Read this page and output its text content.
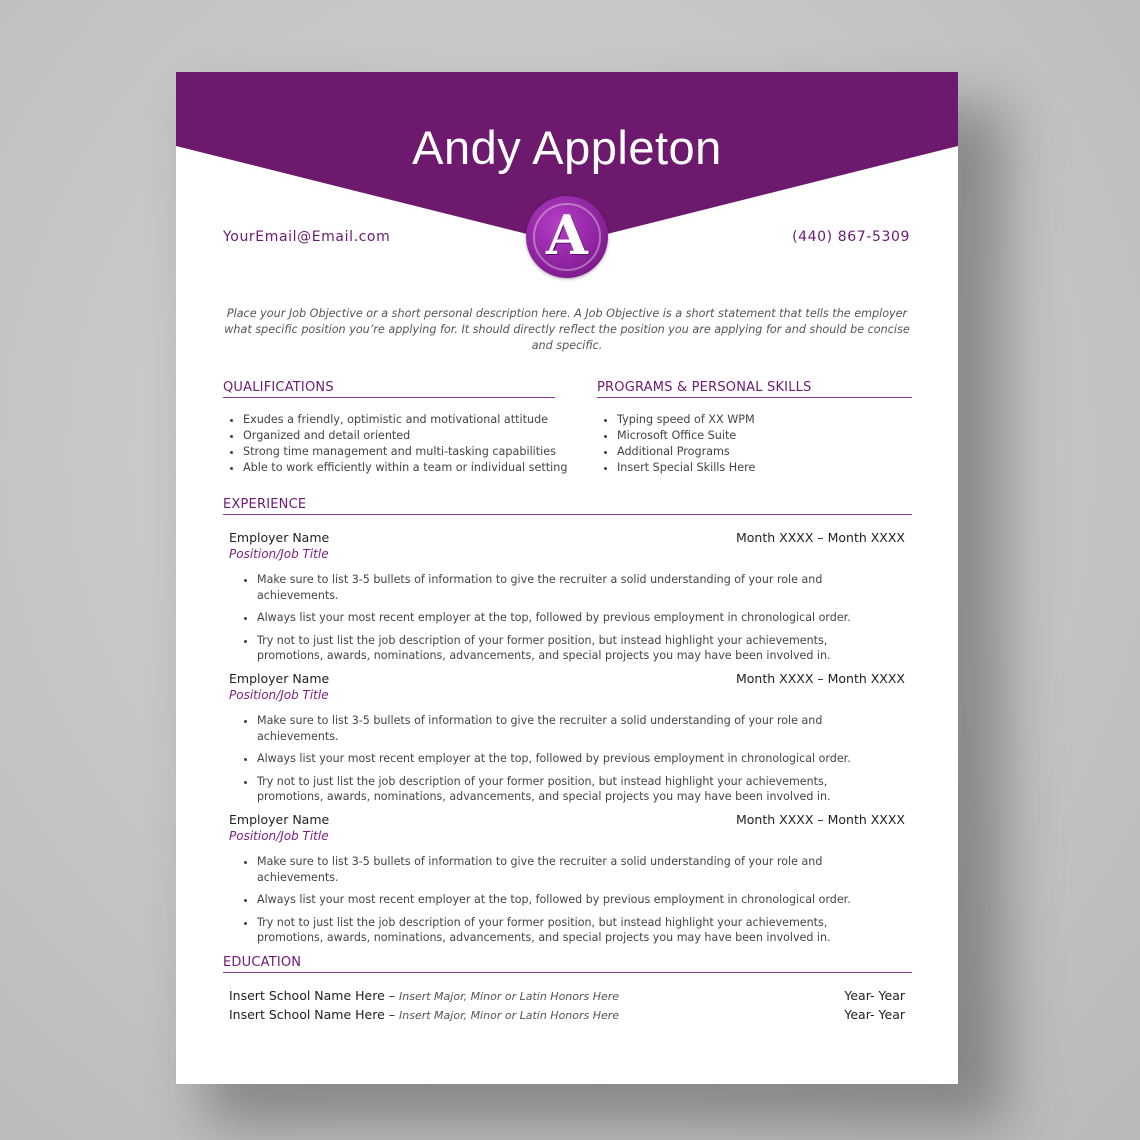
Andy Appleton
A
YourEmail@Email.com	(440) 867-5309
Place your Job Objective or a short personal description here. A Job Objective is a short statement that tells the employer what specific position you’re applying for. It should directly reflect the position you are applying for and should be concise and specific.
QUALIFICATIONS
• Exudes a friendly, optimistic and motivational attitude
• Organized and detail oriented
• Strong time management and multi-tasking capabilities
• Able to work efficiently within a team or individual setting
PROGRAMS & PERSONAL SKILLS
• Typing speed of XX WPM
• Microsoft Office Suite
• Additional Programs
• Insert Special Skills Here
EXPERIENCE
Employer Name	Month XXXX – Month XXXX
Position/Job Title
• Make sure to list 3-5 bullets of information to give the recruiter a solid understanding of your role and achievements.
• Always list your most recent employer at the top, followed by previous employment in chronological order.
• Try not to just list the job description of your former position, but instead highlight your achievements, promotions, awards, nominations, advancements, and special projects you may have been involved in.
Employer Name	Month XXXX – Month XXXX
Position/Job Title
• Make sure to list 3-5 bullets of information to give the recruiter a solid understanding of your role and achievements.
• Always list your most recent employer at the top, followed by previous employment in chronological order.
• Try not to just list the job description of your former position, but instead highlight your achievements, promotions, awards, nominations, advancements, and special projects you may have been involved in.
Employer Name	Month XXXX – Month XXXX
Position/Job Title
• Make sure to list 3-5 bullets of information to give the recruiter a solid understanding of your role and achievements.
• Always list your most recent employer at the top, followed by previous employment in chronological order.
• Try not to just list the job description of your former position, but instead highlight your achievements, promotions, awards, nominations, advancements, and special projects you may have been involved in.
EDUCATION
Insert School Name Here – Insert Major, Minor or Latin Honors Here	Year- Year
Insert School Name Here – Insert Major, Minor or Latin Honors Here	Year- Year
